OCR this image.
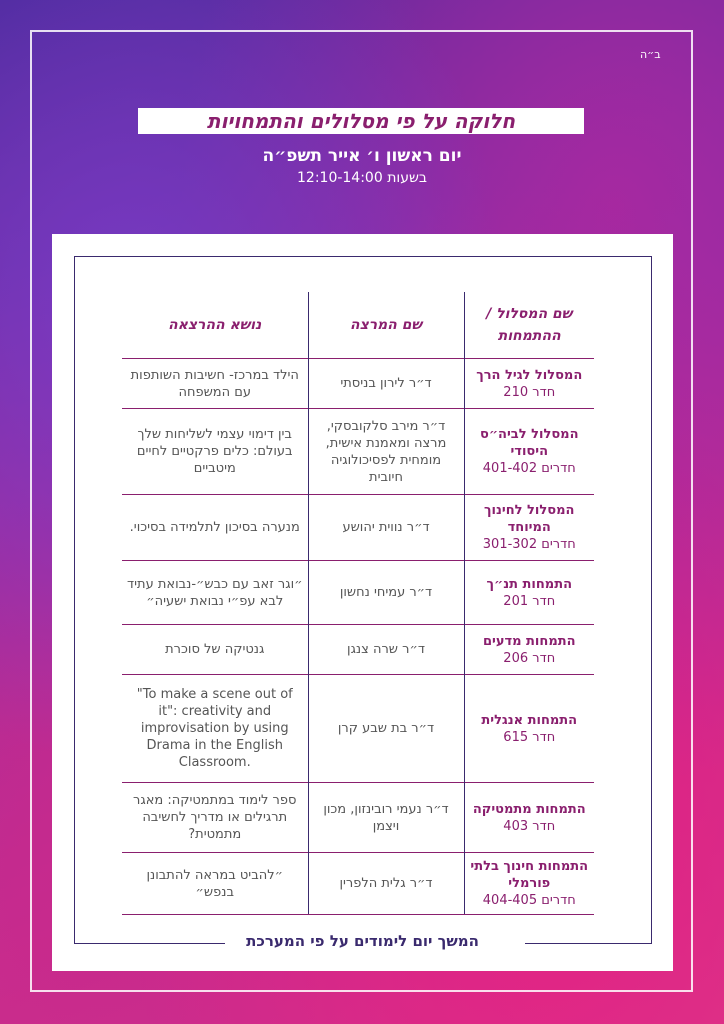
ב״ה
חלוקה על פי מסלולים והתמחויות
יום ראשון ו׳ אייר תשפ״ה
בשעות 12:10-14:00
שם המסלול / ההתמחות	שם המרצה	נושא ההרצאה

המסלול לגיל הרך
חדר 210	ד״ר לירון בניסתי	הילד במרכז- חשיבות השותפות עם המשפחה

המסלול לביה״ס היסודי
חדרים 401-402	ד״ר מירב סלקובסקי, מרצה ומאמנת אישית, מומחית לפסיכולוגיה חיובית	בין דימוי עצמי לשליחות שלך בעולם: כלים פרקטיים לחיים מיטביים

המסלול לחינוך המיוחד
חדרים 301-302	ד״ר נווית יהושע	מנערה בסיכון לתלמידה בסיכוי.

התמחות תנ״ך
חדר 201	ד״ר עמיחי נחשון	״וגר זאב עם כבש״-נבואת עתיד לבא עפ״י נבואת ישעיה״

התמחות מדעים
חדר 206	ד״ר שרה צנגן	גנטיקה של סוכרת

התמחות אנגלית
חדר 615	ד״ר בת שבע קרן	"To make a scene out of it": creativity and improvisation by using Drama in the English Classroom.

התמחות מתמטיקה
חדר 403	ד״ר נעמי רובינזון, מכון ויצמן	ספר לימוד במתמטיקה: מאגר תרגילים או מדריך לחשיבה מתמטית?

התמחות חינוך בלתי פורמלי
חדרים 404-405	ד״ר גלית הלפרין	״להביט במראה להתבונן בנפש״
המשך יום לימודים על פי המערכת
